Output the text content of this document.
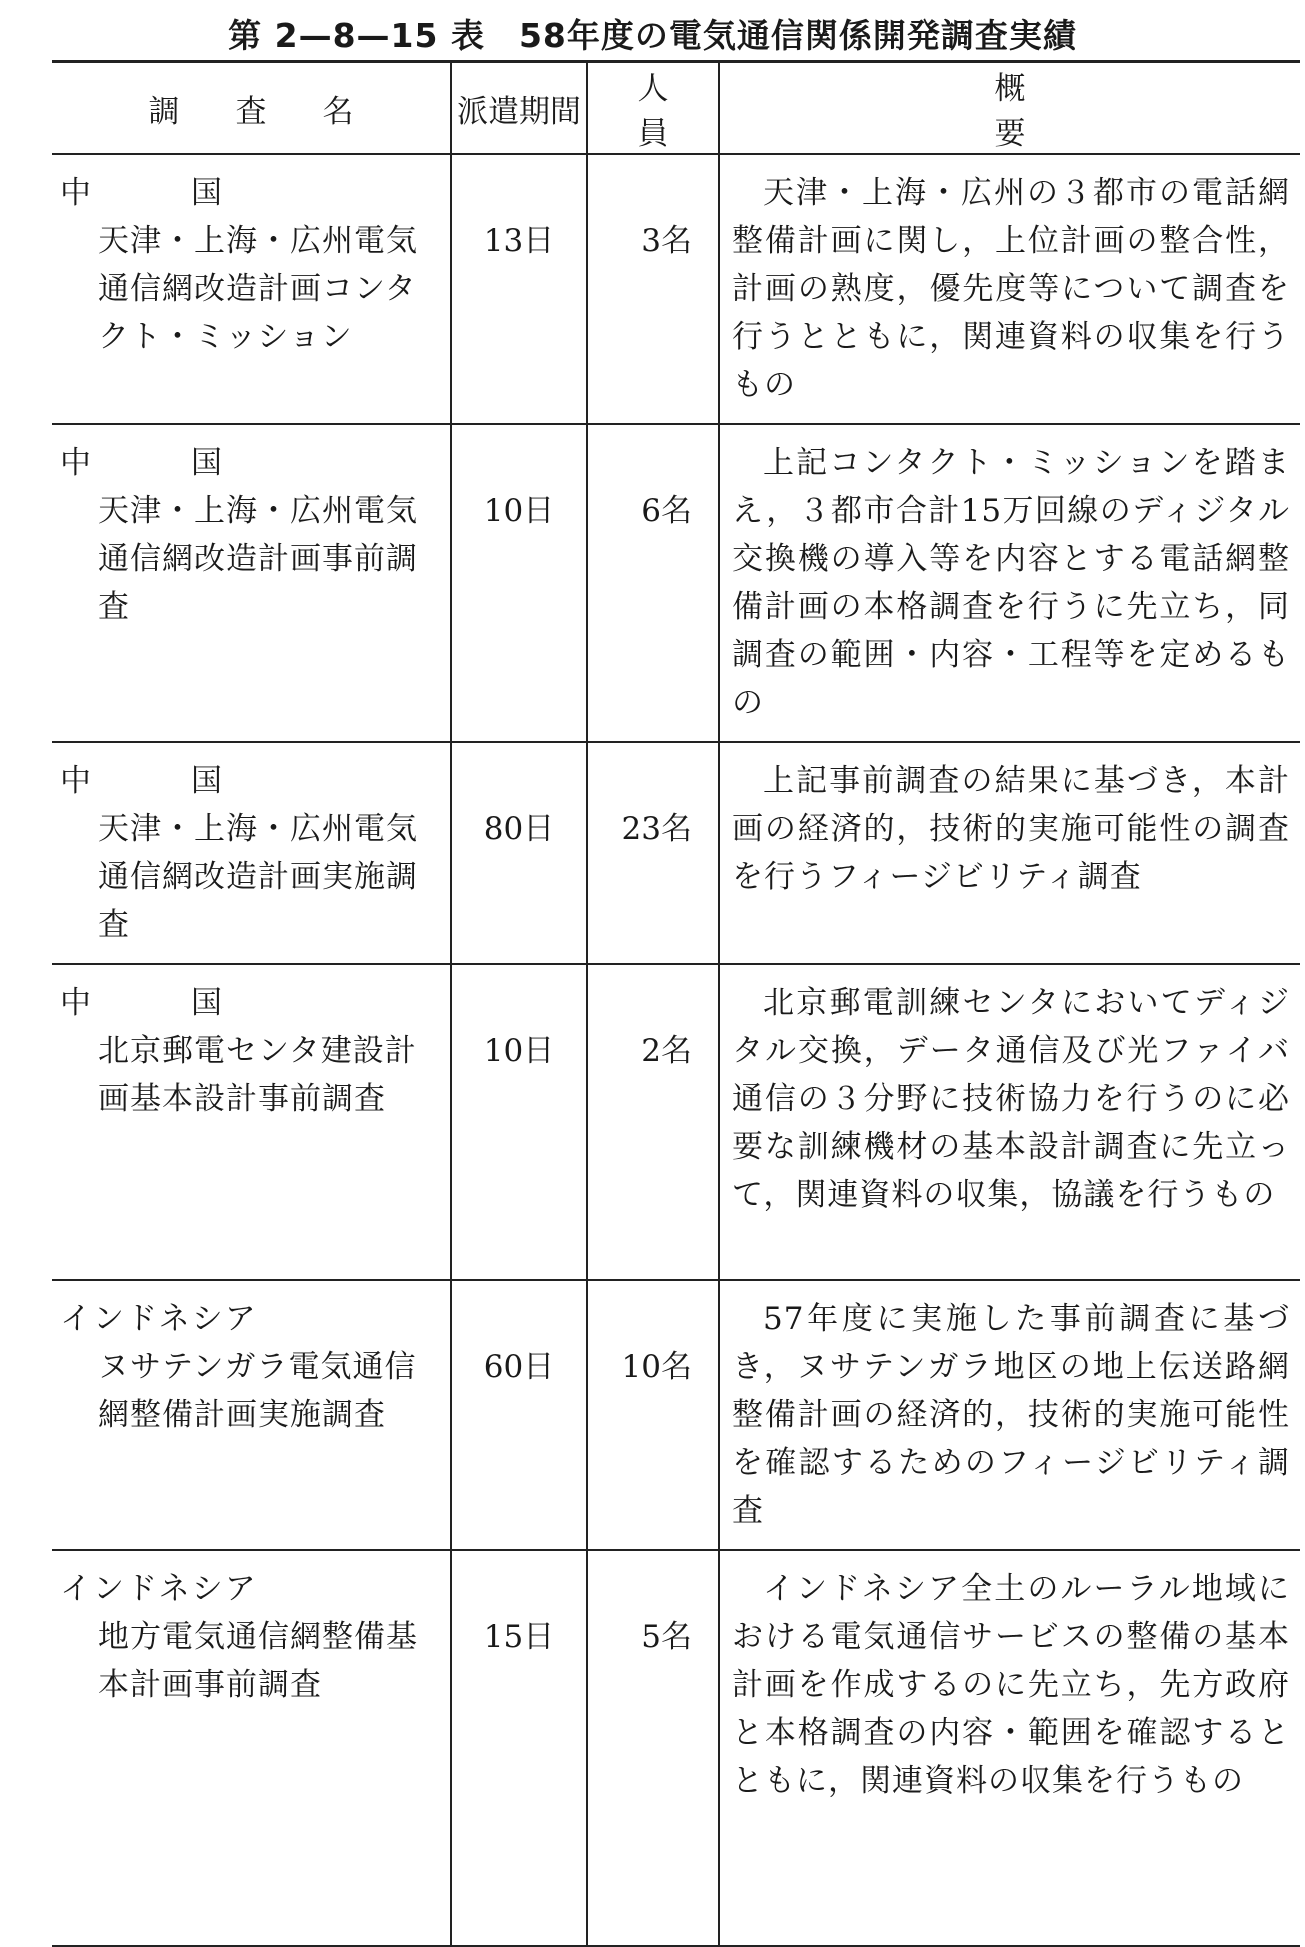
第 2—8—15 表　58年度の電気通信関係開発調査実績
調査名	派遣期間	人員	概要

中国
天津・上海・広州電気通信網改造計画コンタクト・ミッション	13日	3名	天津・上海・広州の３都市の電話網整備計画に関し，上位計画の整合性，計画の熟度，優先度等について調査を行うとともに，関連資料の収集を行うもの

中国
天津・上海・広州電気通信網改造計画事前調査	10日	6名	上記コンタクト・ミッションを踏まえ，３都市合計15万回線のディジタル交換機の導入等を内容とする電話網整備計画の本格調査を行うに先立ち，同調査の範囲・内容・工程等を定めるもの

中国
天津・上海・広州電気通信網改造計画実施調査	80日	23名	上記事前調査の結果に基づき，本計画の経済的，技術的実施可能性の調査を行うフィージビリティ調査

中国
北京郵電センタ建設計画基本設計事前調査	10日	2名	北京郵電訓練センタにおいてディジタル交換，データ通信及び光ファイバ通信の３分野に技術協力を行うのに必要な訓練機材の基本設計調査に先立って，関連資料の収集，協議を行うもの

インドネシア
ヌサテンガラ電気通信網整備計画実施調査	60日	10名	57年度に実施した事前調査に基づき，ヌサテンガラ地区の地上伝送路網整備計画の経済的，技術的実施可能性を確認するためのフィージビリティ調査

インドネシア
地方電気通信網整備基本計画事前調査	15日	5名	インドネシア全土のルーラル地域における電気通信サービスの整備の基本計画を作成するのに先立ち，先方政府と本格調査の内容・範囲を確認するとともに，関連資料の収集を行うもの
